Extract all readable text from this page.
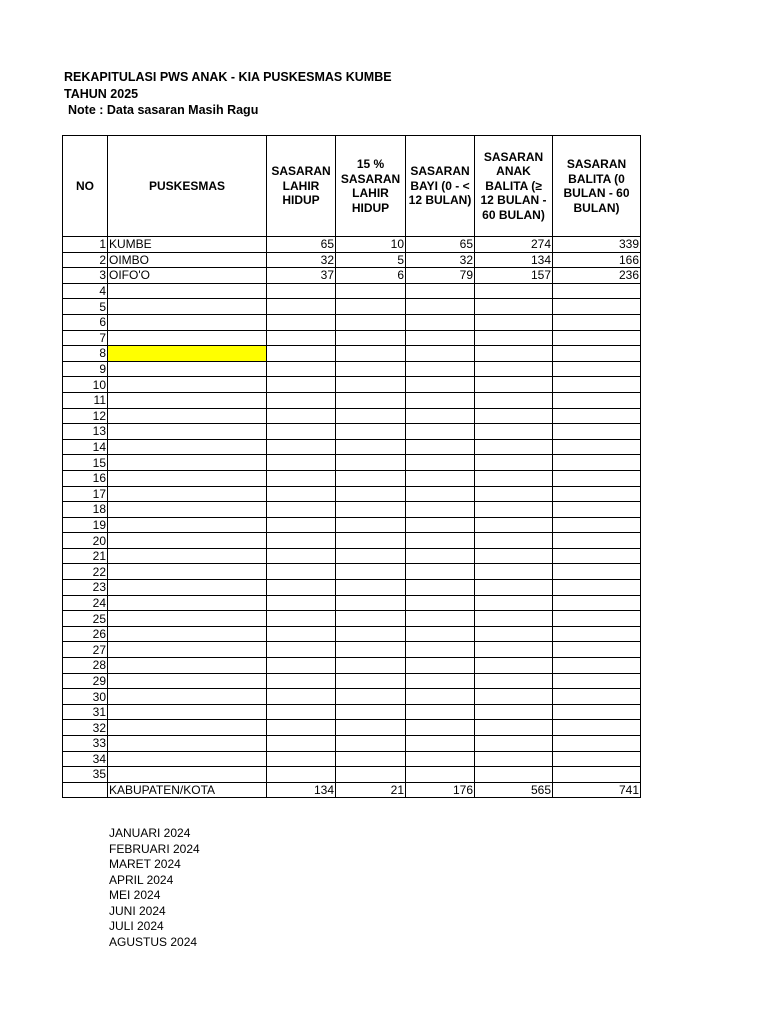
REKAPITULASI PWS ANAK - KIA PUSKESMAS KUMBE
TAHUN 2025
Note : Data sasaran Masih Ragu
NO	PUSKESMAS	SASARAN LAHIR HIDUP	15 % SASARAN LAHIR HIDUP	SASARAN BAYI (0 - < 12 BULAN)	SASARAN ANAK BALITA (≥ 12 BULAN - 60 BULAN)	SASARAN BALITA (0 BULAN - 60 BULAN)
1	KUMBE	65	10	65	274	339
2	OIMBO	32	5	32	134	166
3	OIFO'O	37	6	79	157	236
4						
5						
6						
7						
8						
9						
10						
11						
12						
13						
14						
15						
16						
17						
18						
19						
20						
21						
22						
23						
24						
25						
26						
27						
28						
29						
30						
31						
32						
33						
34						
35						
	KABUPATEN/KOTA	134	21	176	565	741
JANUARI 2024
FEBRUARI 2024
MARET 2024
APRIL 2024
MEI 2024
JUNI 2024
JULI 2024
AGUSTUS 2024
